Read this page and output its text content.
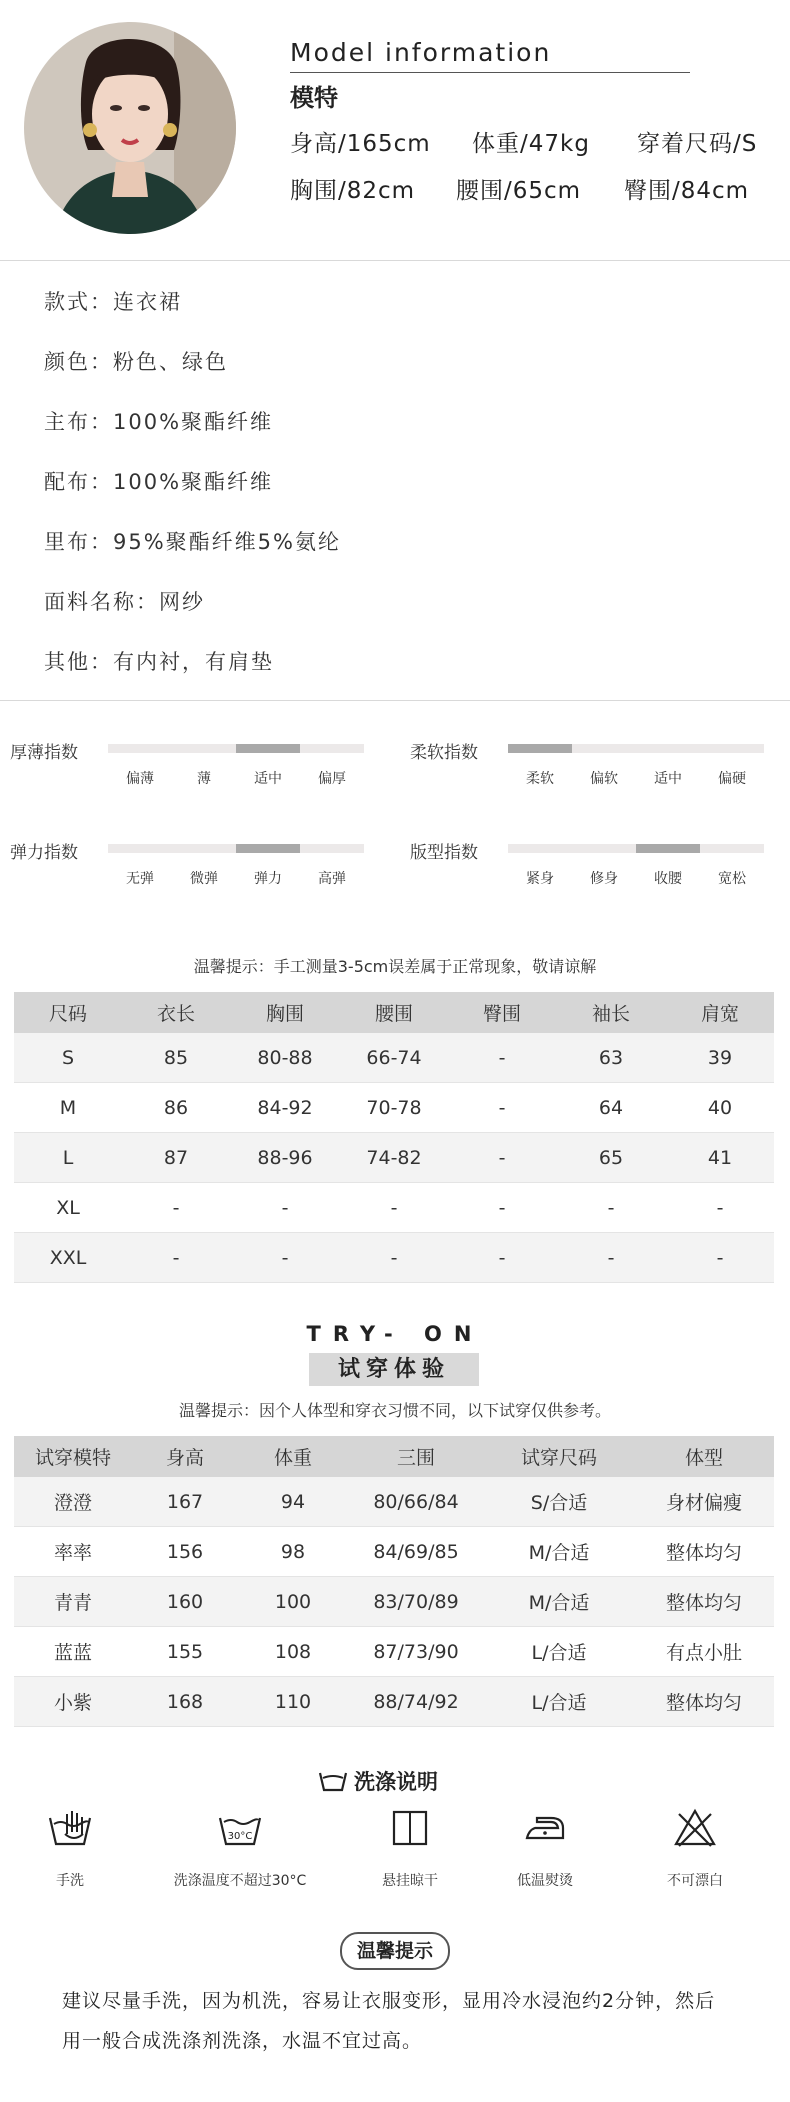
Model information
模特
身高/165cm 体重/47kg 穿着尺码/S
胸围/82cm 腰围/65cm 臀围/84cm
款式：连衣裙
颜色：粉色、绿色
主布：100%聚酯纤维
配布：100%聚酯纤维
里布：95%聚酯纤维5%氨纶
面料名称：网纱
其他：有内衬，有肩垫
厚薄指数
偏薄	薄	适中	偏厚
柔软指数
柔软	偏软	适中	偏硬
弹力指数
无弹	微弹	弹力	高弹
版型指数
紧身	修身	收腰	宽松
温馨提示：手工测量3-5cm误差属于正常现象，敬请谅解
尺码	衣长	胸围	腰围	臀围	袖长	肩宽
S	85	80-88	66-74	-	63	39
M	86	84-92	70-78	-	64	40
L	87	88-96	74-82	-	65	41
XL	-	-	-	-	-	-
XXL	-	-	-	-	-	-
TRY- ON
试穿体验
温馨提示：因个人体型和穿衣习惯不同，以下试穿仅供参考。
试穿模特	身高	体重	三围	试穿尺码	体型
澄澄	167	94	80/66/84	S/合适	身材偏瘦
率率	156	98	84/69/85	M/合适	整体均匀
青青	160	100	83/70/89	M/合适	整体均匀
蓝蓝	155	108	87/73/90	L/合适	有点小肚
小紫	168	110	88/74/92	L/合适	整体均匀
洗涤说明
手洗
30°C
洗涤温度不超过30°C	悬挂晾干	低温熨烫	不可漂白
温馨提示
建议尽量手洗，因为机洗，容易让衣服变形，显用冷水浸泡约2分钟，然后
用一般合成洗涤剂洗涤，水温不宜过高。
